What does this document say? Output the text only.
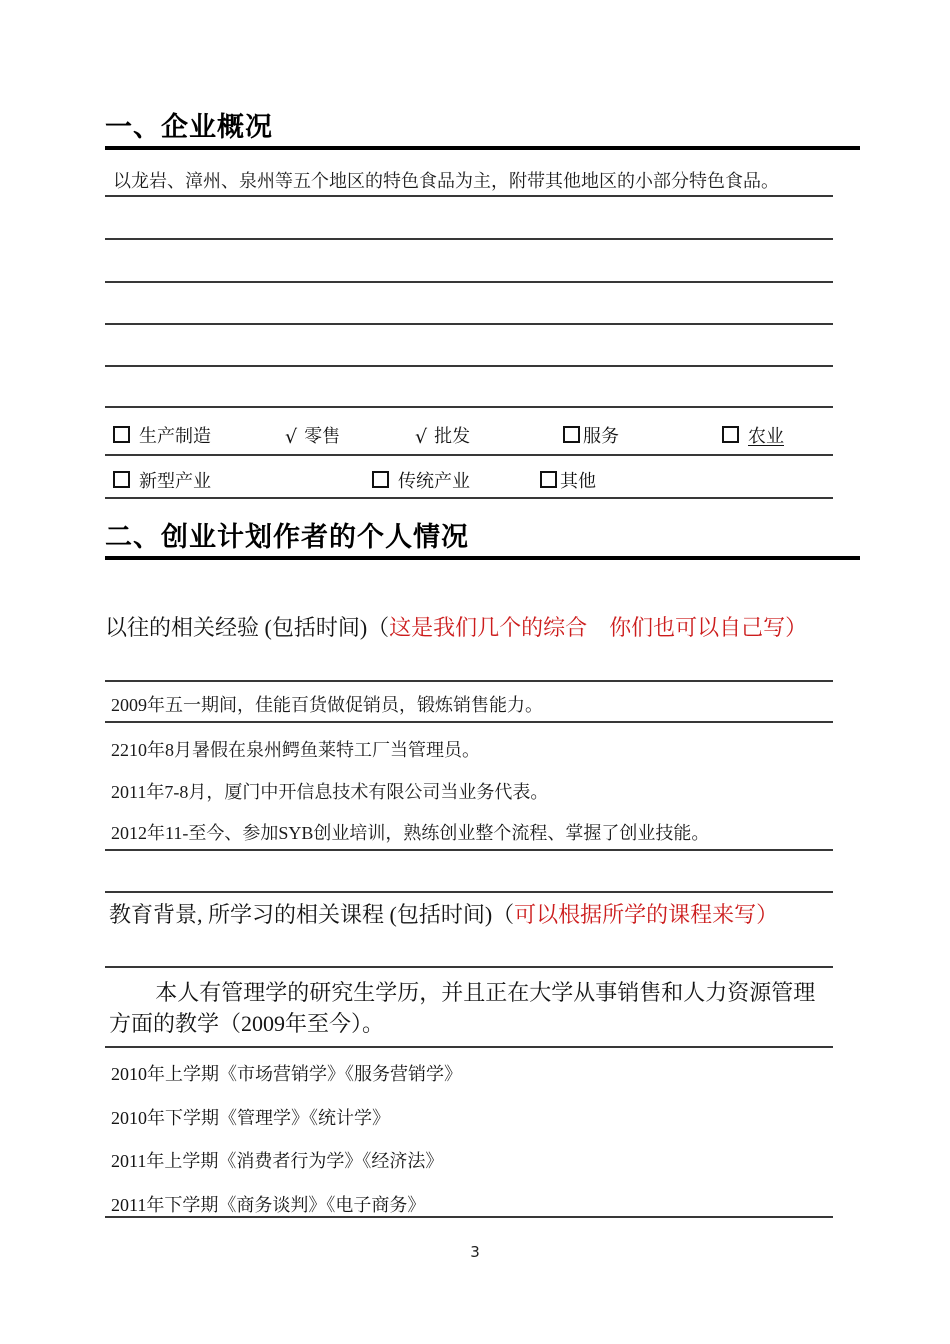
一、企业概况
以龙岩、漳州、泉州等五个地区的特色食品为主，附带其他地区的小部分特色食品。
生产制造	√ 零售	√ 批发	服务	农业
新型产业	传统产业	其他
二、创业计划作者的个人情况
以往的相关经验 (包括时间)（这是我们几个的综合　你们也可以自己写）
2009年五一期间，佳能百货做促销员，锻炼销售能力。
2210年8月暑假在泉州鳄鱼莱特工厂当管理员。
2011年7-8月，厦门中开信息技术有限公司当业务代表。
2012年11-至今、参加SYB创业培训，熟练创业整个流程、掌握了创业技能。
教育背景, 所学习的相关课程 (包括时间)（可以根据所学的课程来写）
本人有管理学的研究生学历，并且正在大学从事销售和人力资源管理方面的教学（2009年至今）。
2010年上学期《市场营销学》《服务营销学》
2010年下学期《管理学》《统计学》
2011年上学期《消费者行为学》《经济法》
2011年下学期《商务谈判》《电子商务》
3
